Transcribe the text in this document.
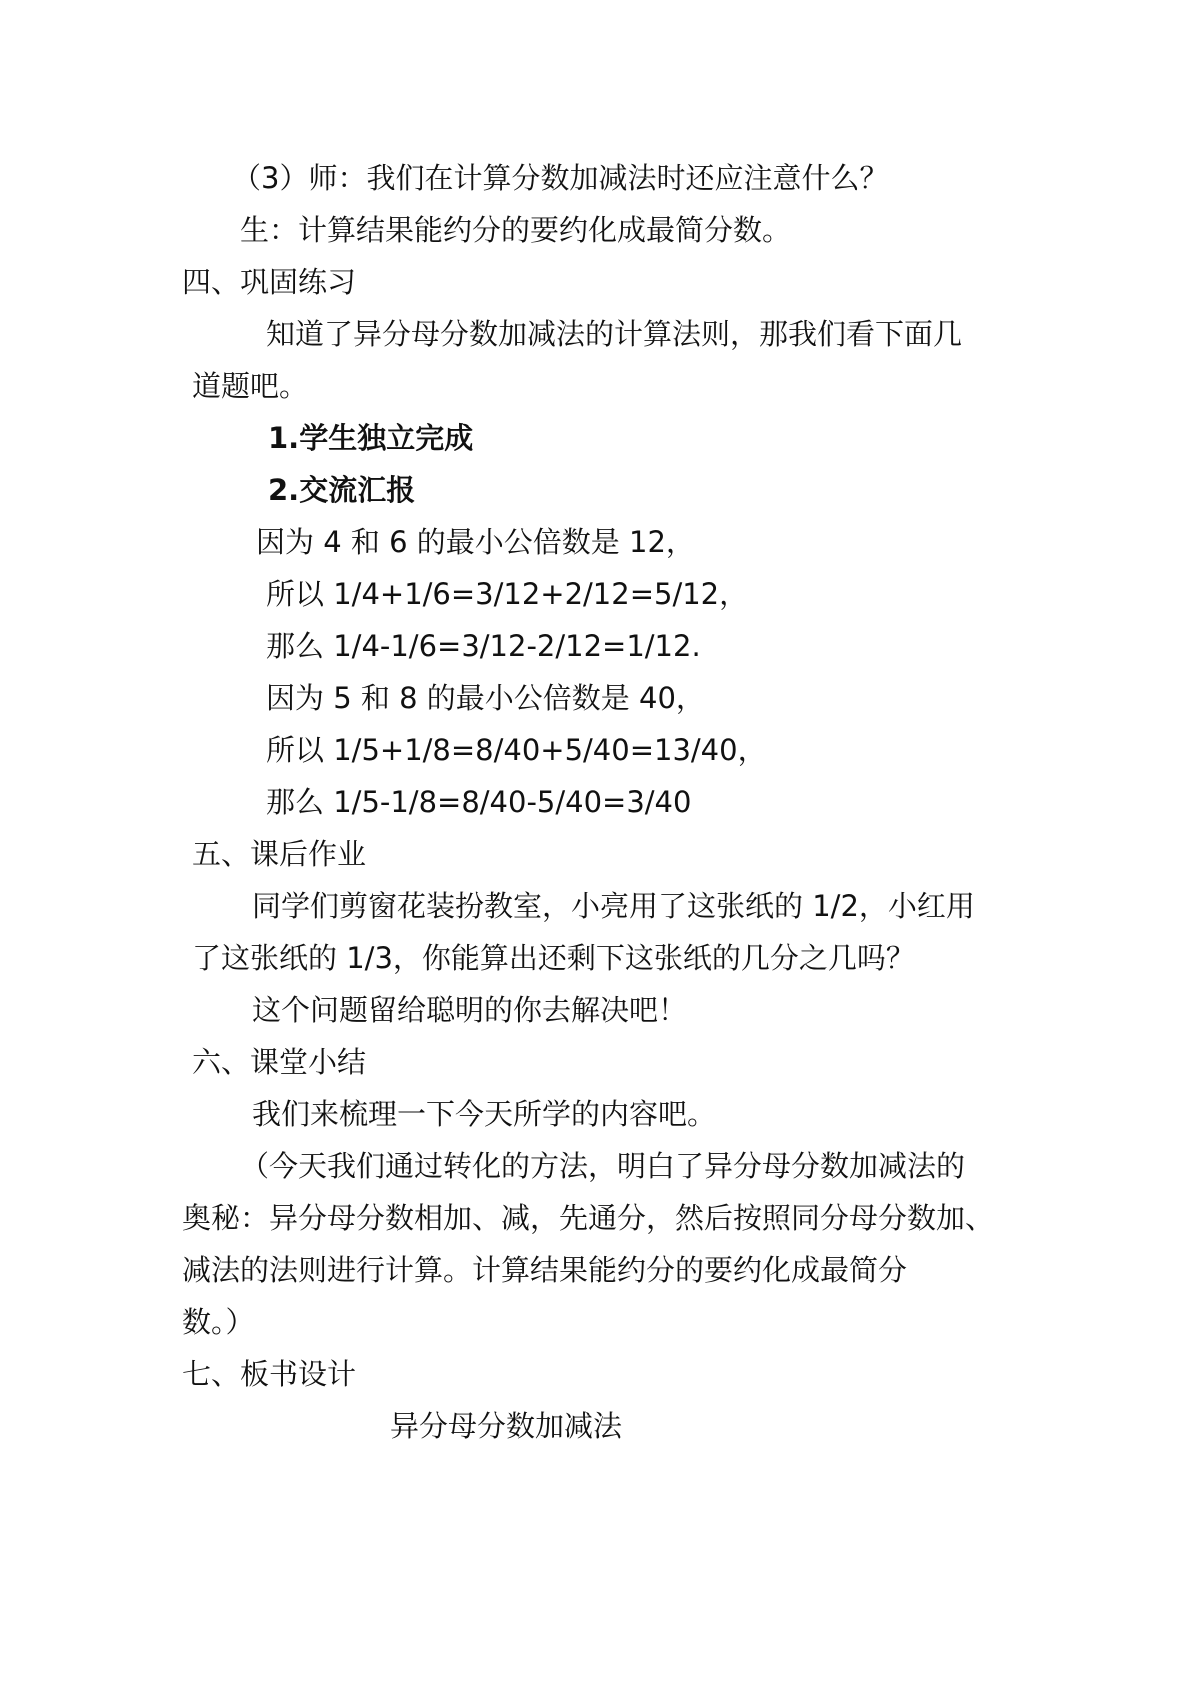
（3）师：我们在计算分数加减法时还应注意什么？
生：计算结果能约分的要约化成最简分数。
四、巩固练习
知道了异分母分数加减法的计算法则，那我们看下面几
道题吧。
1.学生独立完成
2.交流汇报
因为 4 和 6 的最小公倍数是 12，
所以 1/4+1/6=3/12+2/12=5/12，
那么 1/4-1/6=3/12-2/12=1/12.
因为 5 和 8 的最小公倍数是 40，
所以 1/5+1/8=8/40+5/40=13/40，
那么 1/5-1/8=8/40-5/40=3/40
五、课后作业
同学们剪窗花装扮教室，小亮用了这张纸的 1/2，小红用
了这张纸的 1/3，你能算出还剩下这张纸的几分之几吗？
这个问题留给聪明的你去解决吧！
六、课堂小结
我们来梳理一下今天所学的内容吧。
（今天我们通过转化的方法，明白了异分母分数加减法的
奥秘：异分母分数相加、减，先通分，然后按照同分母分数加、
减法的法则进行计算。计算结果能约分的要约化成最简分
数。）
七、板书设计
异分母分数加减法
